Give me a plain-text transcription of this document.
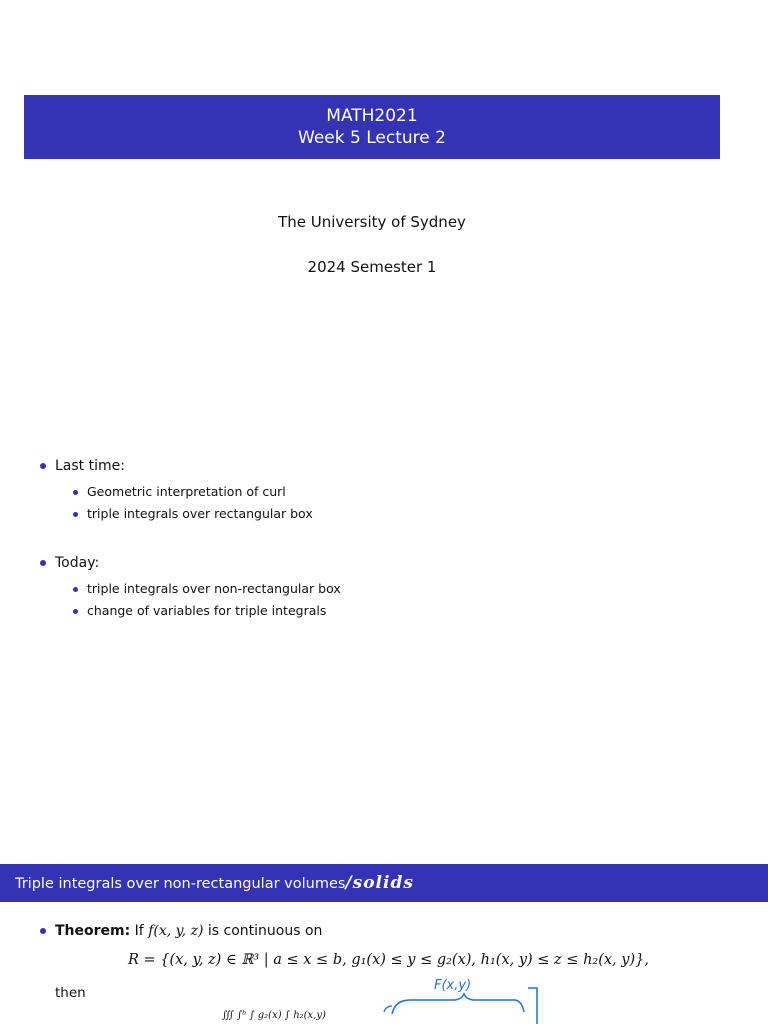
MATH2021
Week 5 Lecture 2
The University of Sydney
2024 Semester 1
Last time:
Geometric interpretation of curl
triple integrals over rectangular box
Today:
triple integrals over non-rectangular box
change of variables for triple integrals
Triple integrals over non-rectangular volumes/solids
Theorem: If f(x, y, z) is continuous on
R = {(x, y, z) ∈ ℝ³ | a ≤ x ≤ b, g₁(x) ≤ y ≤ g₂(x), h₁(x, y) ≤ z ≤ h₂(x, y)},
then	F(x,y)
∭ ∫ᵇ ∫ g₂(x) ∫ h₂(x,y)
